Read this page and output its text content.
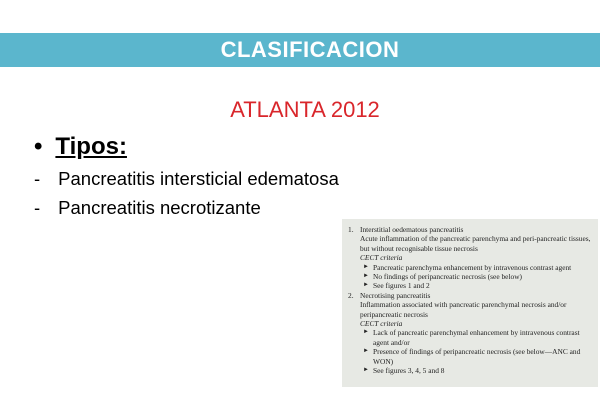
CLASIFICACION
ATLANTA 2012
• Tipos:
- Pancreatitis intersticial edematosa
- Pancreatitis necrotizante
1. Interstitial oedematous pancreatitis
Acute inflammation of the pancreatic parenchyma and peri-pancreatic tissues, but without recognisable tissue necrosis
CECT criteria
► Pancreatic parenchyma enhancement by intravenous contrast agent
► No findings of peripancreatic necrosis (see below)
► See figures 1 and 2
2. Necrotising pancreatitis
Inflammation associated with pancreatic parenchymal necrosis and/or peripancreatic necrosis
CECT criteria
► Lack of pancreatic parenchymal enhancement by intravenous contrast agent and/or
► Presence of findings of peripancreatic necrosis (see below—ANC and WON)
► See figures 3, 4, 5 and 8
